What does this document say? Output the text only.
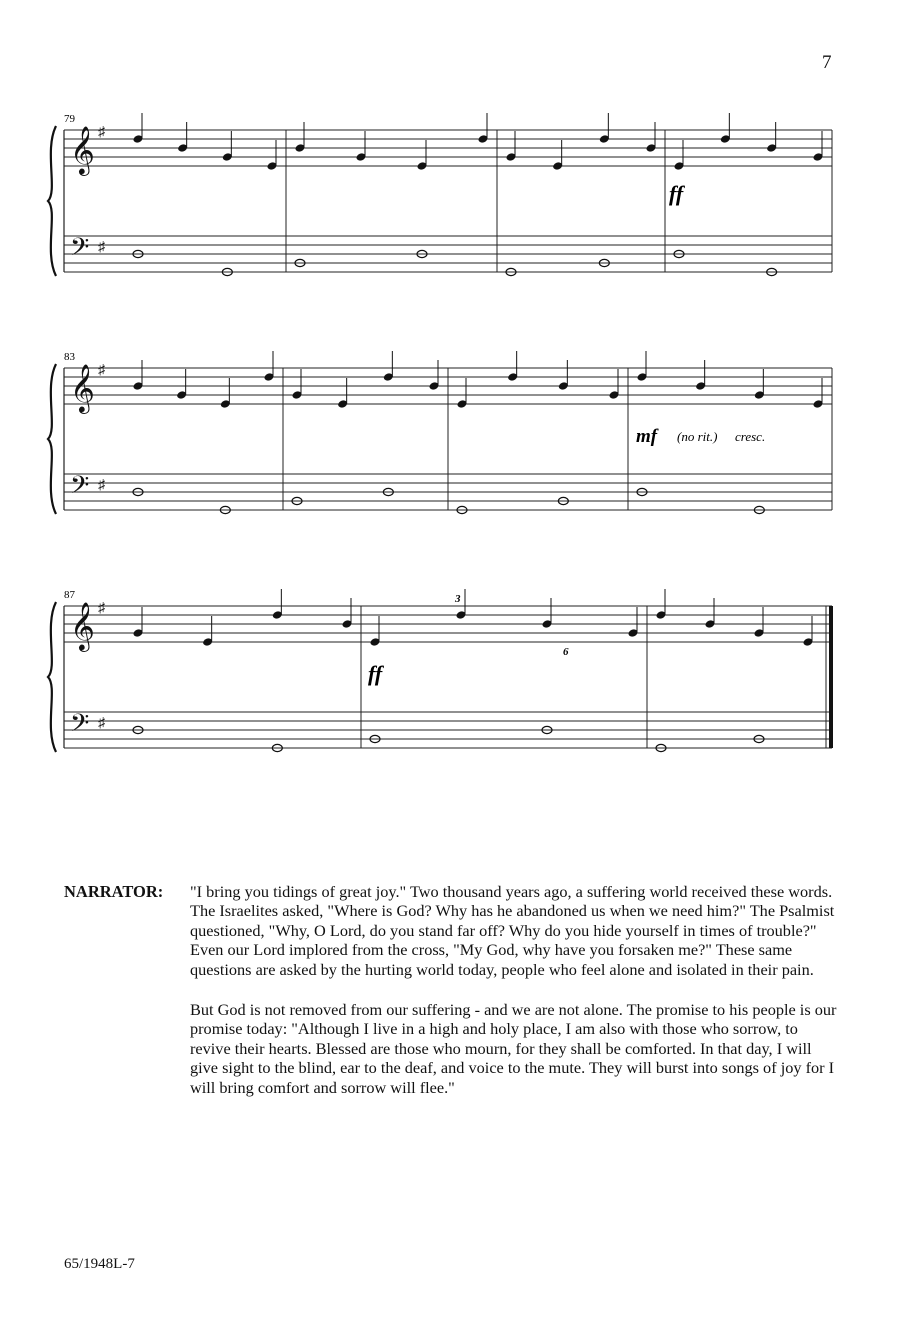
7
𝄞
𝄢
♯
♯
𝄞
𝄢
♯
♯
𝄞
𝄢
♯
♯
79
83
87
ff
mf (no rit.) cresc.
ff
3
6
NARRATOR: "I bring you tidings of great joy." Two thousand years ago, a suffering world received these words. The Israelites asked, "Where is God? Why has he abandoned us when we need him?" The Psalmist questioned, "Why, O Lord, do you stand far off? Why do you hide yourself in times of trouble?" Even our Lord implored from the cross, "My God, why have you forsaken me?" These same questions are asked by the hurting world today, people who feel alone and isolated in their pain.

But God is not removed from our suffering - and we are not alone. The promise to his people is our promise today: "Although I live in a high and holy place, I am also with those who sorrow, to revive their hearts. Blessed are those who mourn, for they shall be comforted. In that day, I will give sight to the blind, ear to the deaf, and voice to the mute. They will burst into songs of joy for I will bring comfort and sorrow will flee."

65/1948L-7
